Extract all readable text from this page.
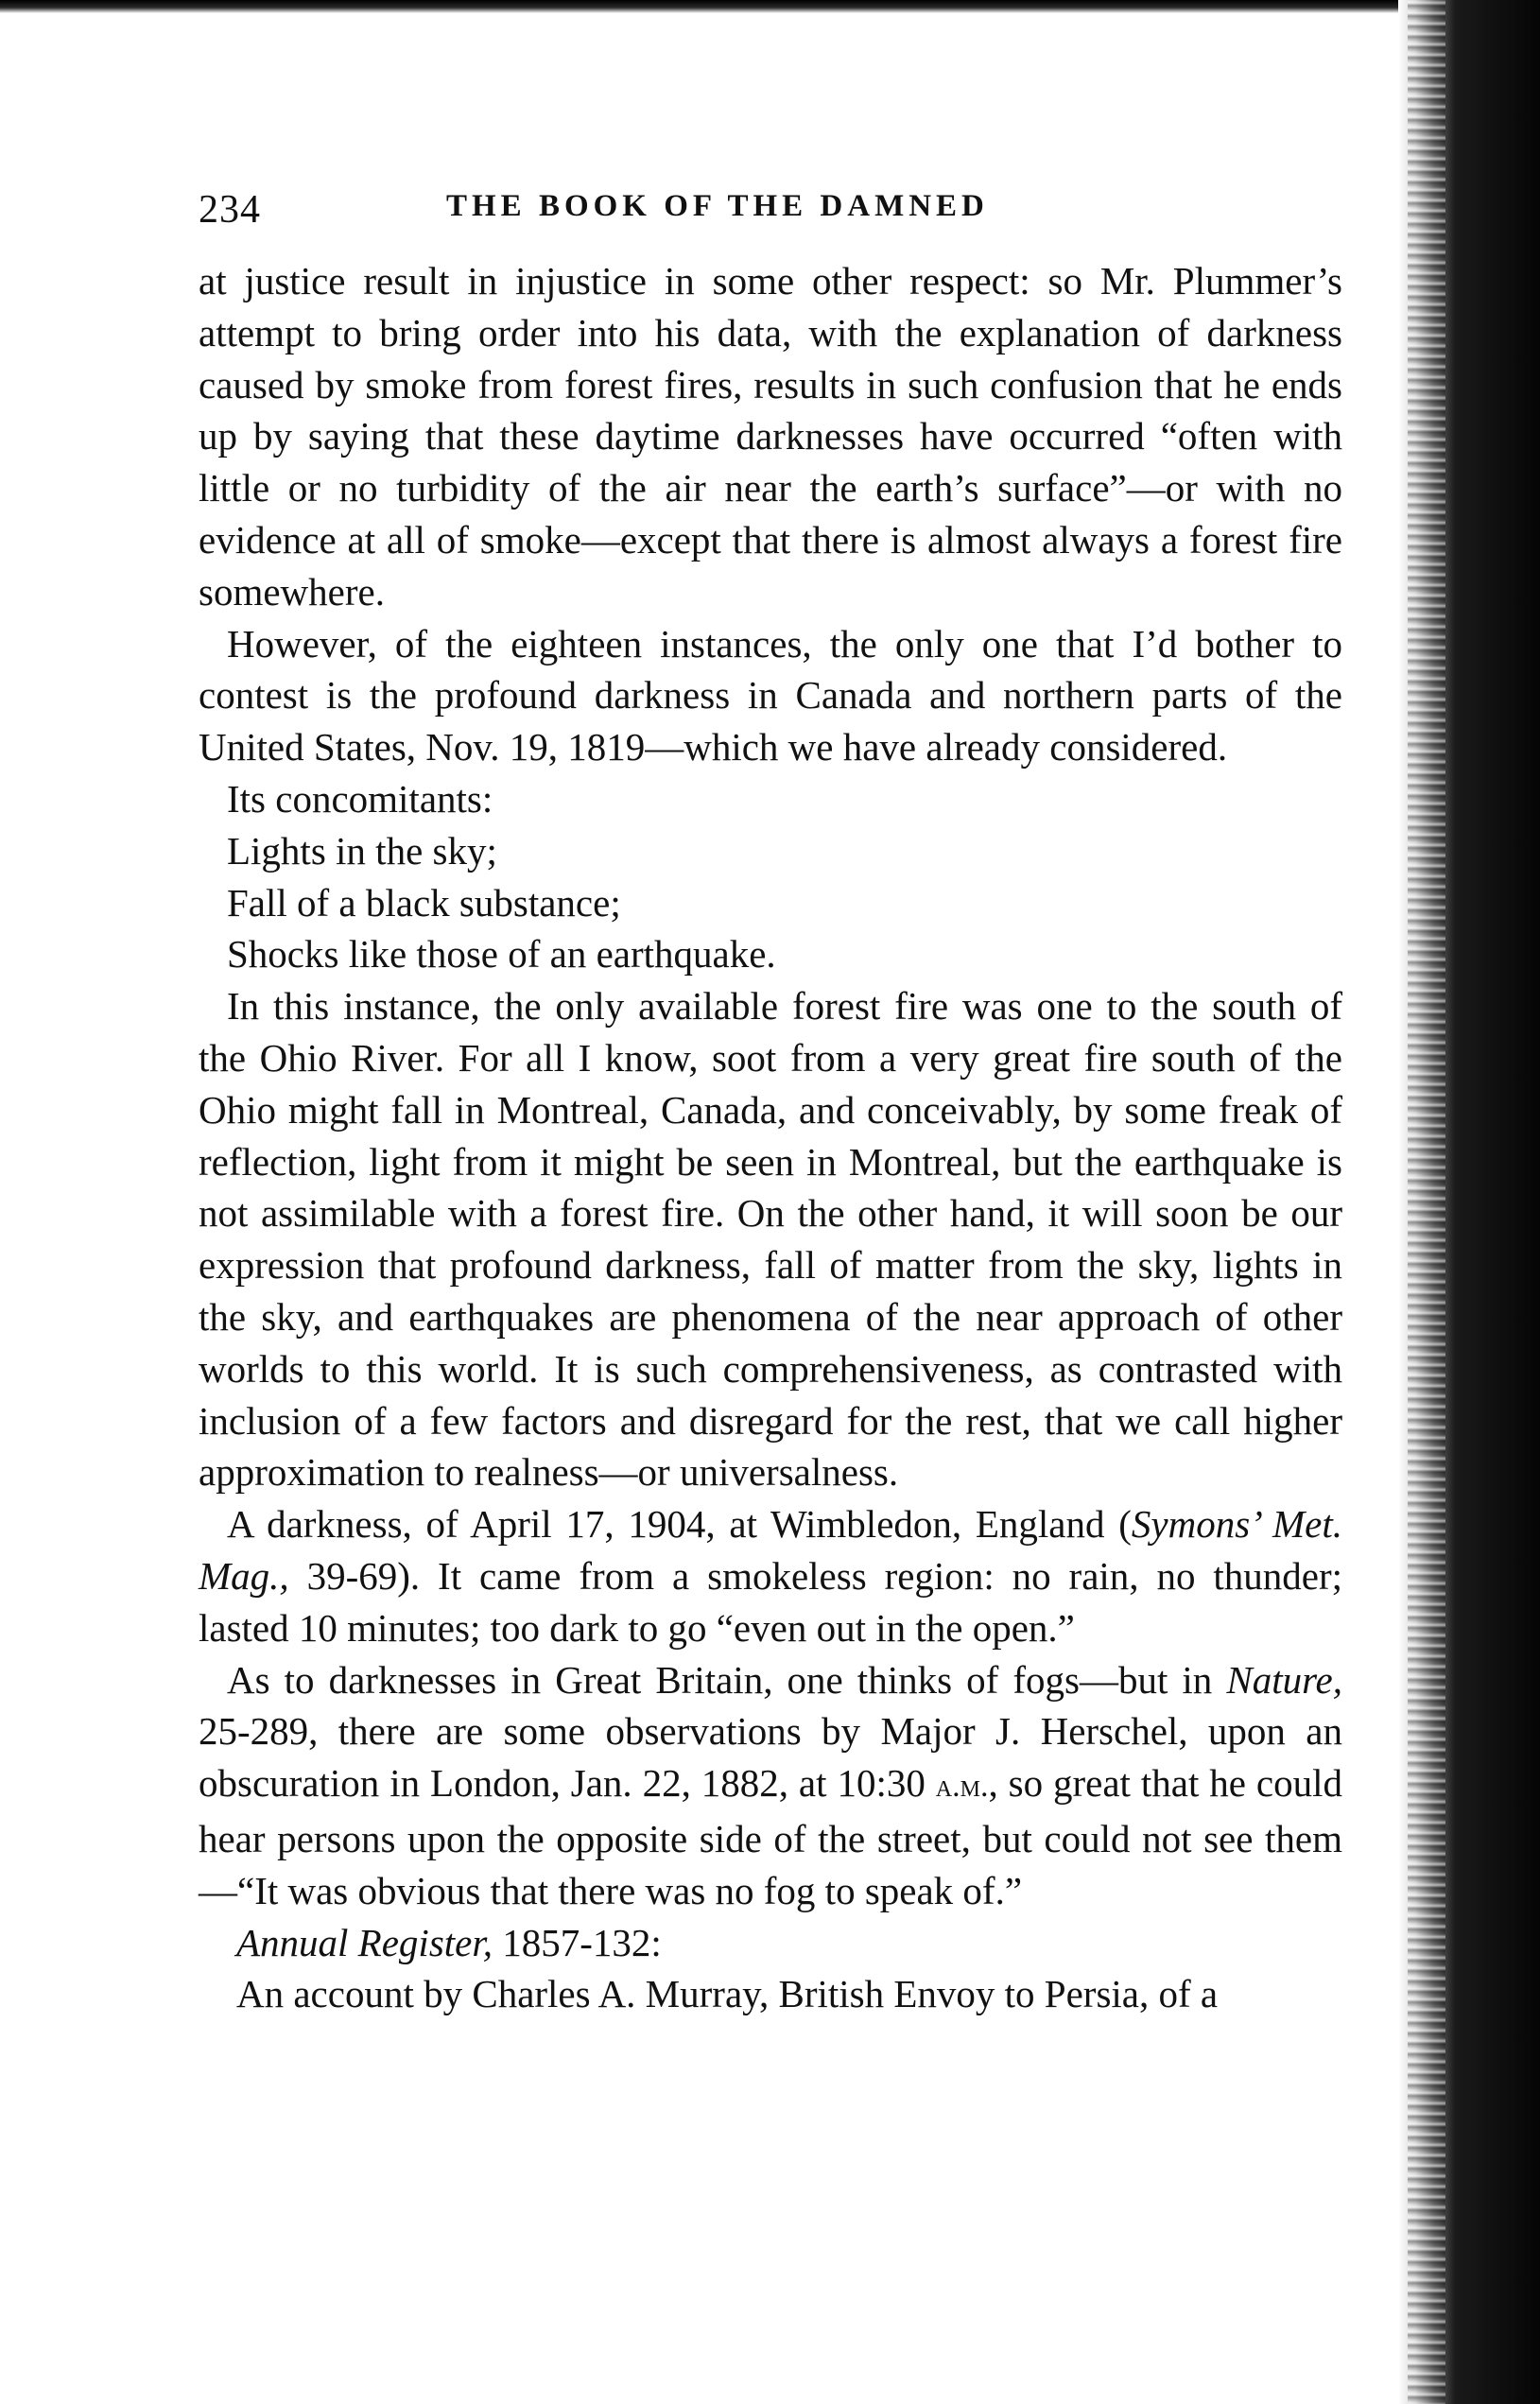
234	THE BOOK OF THE DAMNED

at justice result in injustice in some other respect: so Mr. Plummer’s attempt to bring order into his data, with the explanation of darkness caused by smoke from forest fires, results in such confusion that he ends up by saying that these daytime darknesses have occurred “often with little or no turbidity of the air near the earth’s surface”—or with no evidence at all of smoke—except that there is almost always a forest fire somewhere.

However, of the eighteen instances, the only one that I’d bother to contest is the profound darkness in Canada and northern parts of the United States, Nov. 19, 1819—which we have already considered.

Its concomitants:

Lights in the sky;

Fall of a black substance;

Shocks like those of an earthquake.

In this instance, the only available forest fire was one to the south of the Ohio River. For all I know, soot from a very great fire south of the Ohio might fall in Montreal, Canada, and conceivably, by some freak of reflection, light from it might be seen in Montreal, but the earthquake is not assimilable with a forest fire. On the other hand, it will soon be our expression that profound darkness, fall of matter from the sky, lights in the sky, and earthquakes are phenomena of the near approach of other worlds to this world. It is such comprehensiveness, as contrasted with inclusion of a few factors and disregard for the rest, that we call higher approximation to realness—or universalness.

A darkness, of April 17, 1904, at Wimbledon, England (Symons’ Met. Mag., 39-69). It came from a smokeless region: no rain, no thunder; lasted 10 minutes; too dark to go “even out in the open.”

As to darknesses in Great Britain, one thinks of fogs—but in Nature, 25-289, there are some observations by Major J. Herschel, upon an obscuration in London, Jan. 22, 1882, at 10:30 a.m., so great that he could hear persons upon the opposite side of the street, but could not see them—“It was obvious that there was no fog to speak of.”

Annual Register, 1857-132:

An account by Charles A. Murray, British Envoy to Persia, of a
